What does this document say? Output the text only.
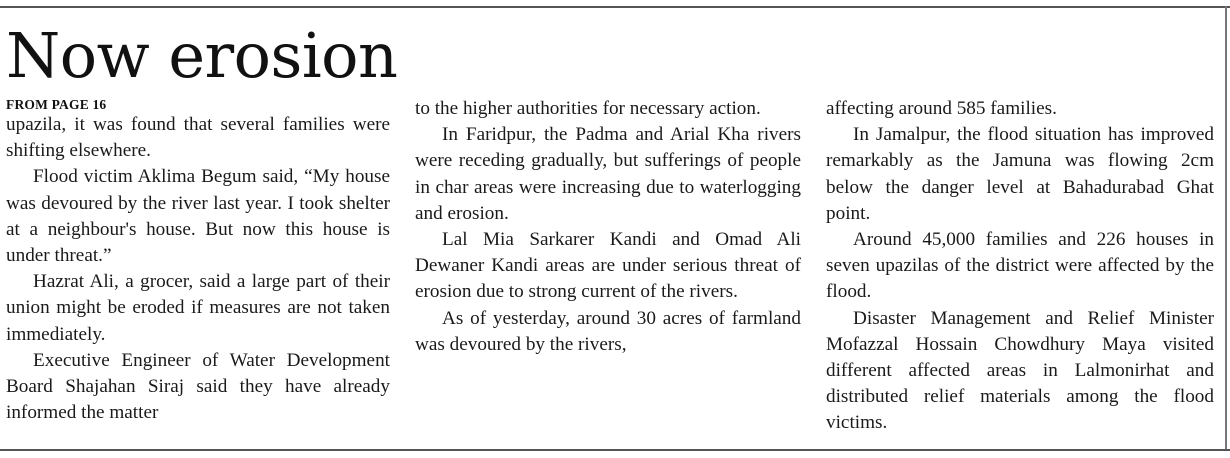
Now erosion
FROM PAGE 16

upazila, it was found that several families were shifting elsewhere.

Flood victim Aklima Begum said, “My house was devoured by the river last year. I took shelter at a neighbour's house. But now this house is under threat.”

Hazrat Ali, a grocer, said a large part of their union might be eroded if measures are not taken immediately.

Executive Engineer of Water Development Board Shajahan Siraj said they have already informed the matter

to the higher authorities for necessary action.

In Faridpur, the Padma and Arial Kha rivers were receding gradually, but sufferings of people in char areas were increasing due to waterlogging and erosion.

Lal Mia Sarkarer Kandi and Omad Ali Dewaner Kandi areas are under serious threat of erosion due to strong current of the rivers.

As of yesterday, around 30 acres of farmland was devoured by the rivers,

affecting around 585 families.

In Jamalpur, the flood situation has improved remarkably as the Jamuna was flowing 2cm below the danger level at Bahadurabad Ghat point.

Around 45,000 families and 226 houses in seven upazilas of the district were affected by the flood.

Disaster Management and Relief Minister Mofazzal Hossain Chowdhury Maya visited different affected areas in Lalmonirhat and distributed relief materials among the flood victims.
